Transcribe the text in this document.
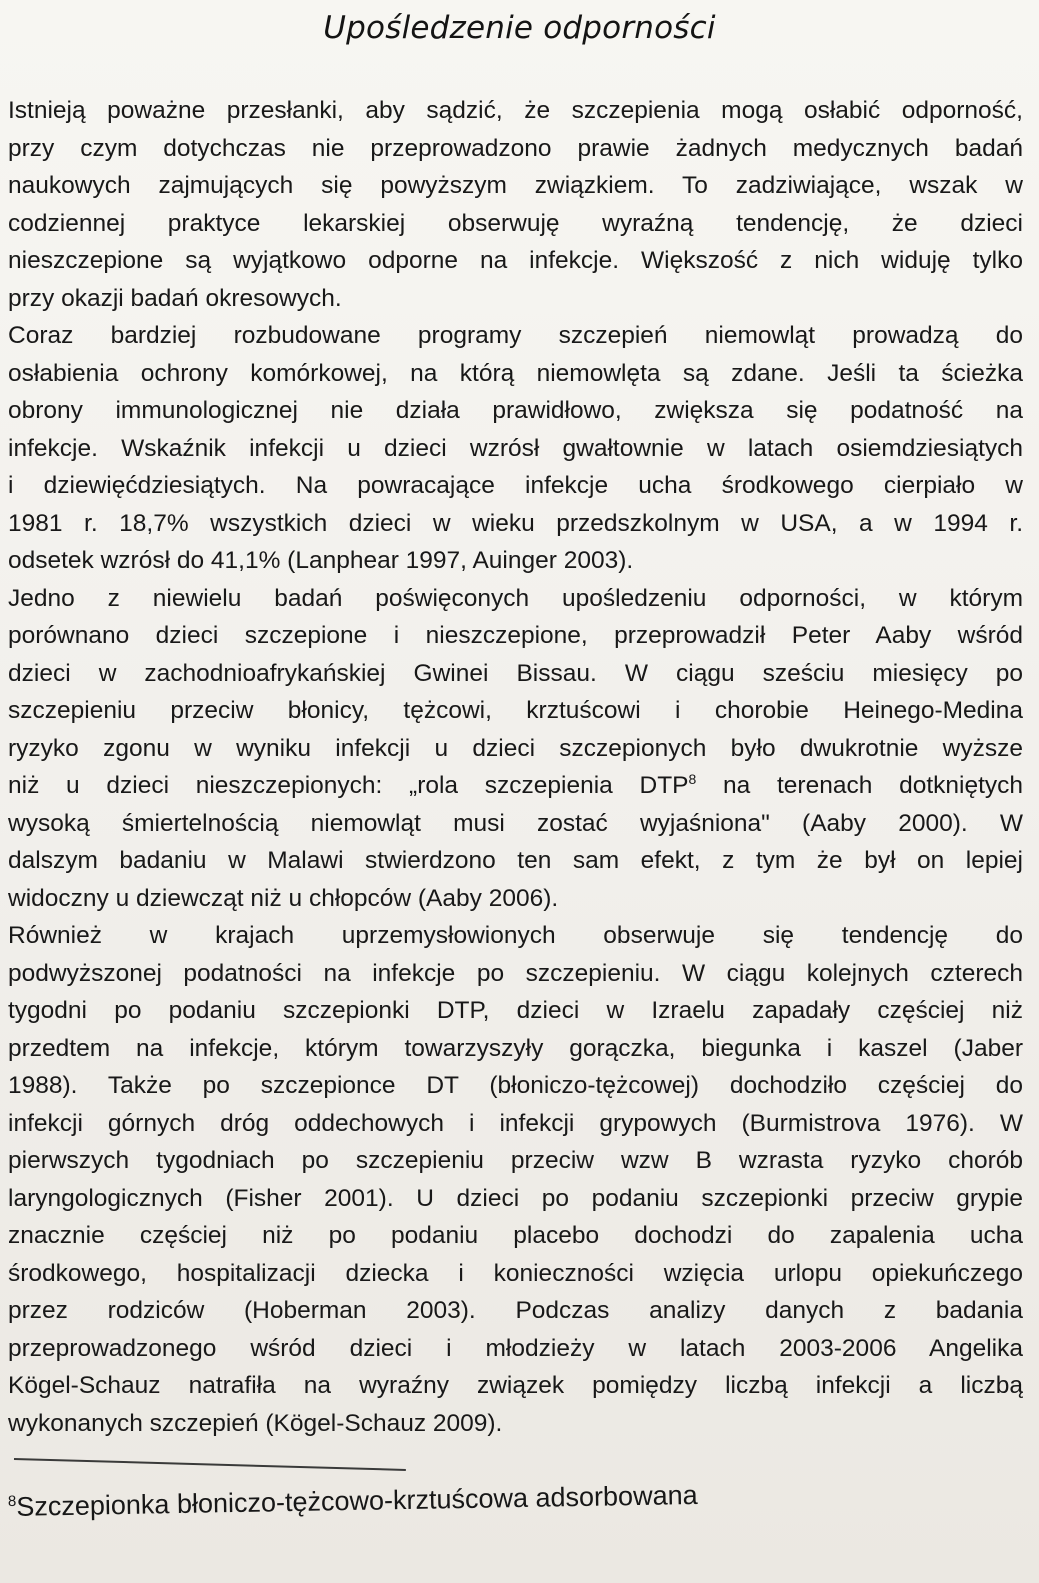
Upośledzenie odporności
Istnieją poważne przesłanki, aby sądzić, że szczepienia mogą osłabić odporność,
przy czym dotychczas nie przeprowadzono prawie żadnych medycznych badań
naukowych zajmujących się powyższym związkiem. To zadziwiające, wszak w
codziennej praktyce lekarskiej obserwuję wyraźną tendencję, że dzieci
nieszczepione są wyjątkowo odporne na infekcje. Większość z nich widuję tylko
przy okazji badań okresowych.
Coraz bardziej rozbudowane programy szczepień niemowląt prowadzą do
osłabienia ochrony komórkowej, na którą niemowlęta są zdane. Jeśli ta ścieżka
obrony immunologicznej nie działa prawidłowo, zwiększa się podatność na
infekcje. Wskaźnik infekcji u dzieci wzrósł gwałtownie w latach osiemdziesiątych
i dziewięćdziesiątych. Na powracające infekcje ucha środkowego cierpiało w
1981 r. 18,7% wszystkich dzieci w wieku przedszkolnym w USA, a w 1994 r.
odsetek wzrósł do 41,1% (Lanphear 1997, Auinger 2003).
Jedno z niewielu badań poświęconych upośledzeniu odporności, w którym
porównano dzieci szczepione i nieszczepione, przeprowadził Peter Aaby wśród
dzieci w zachodnioafrykańskiej Gwinei Bissau. W ciągu sześciu miesięcy po
szczepieniu przeciw błonicy, tężcowi, krztuścowi i chorobie Heinego-Medina
ryzyko zgonu w wyniku infekcji u dzieci szczepionych było dwukrotnie wyższe
niż u dzieci nieszczepionych: „rola szczepienia DTP$^8$ na terenach dotkniętych
wysoką śmiertelnością niemowląt musi zostać wyjaśniona" (Aaby 2000). W
dalszym badaniu w Malawi stwierdzono ten sam efekt, z tym że był on lepiej
widoczny u dziewcząt niż u chłopców (Aaby 2006).
Również w krajach uprzemysłowionych obserwuje się tendencję do
podwyższonej podatności na infekcje po szczepieniu. W ciągu kolejnych czterech
tygodni po podaniu szczepionki DTP, dzieci w Izraelu zapadały częściej niż
przedtem na infekcje, którym towarzyszyły gorączka, biegunka i kaszel (Jaber
1988). Także po szczepionce DT (błoniczo-tężcowej) dochodziło częściej do
infekcji górnych dróg oddechowych i infekcji grypowych (Burmistrova 1976). W
pierwszych tygodniach po szczepieniu przeciw wzw B wzrasta ryzyko chorób
laryngologicznych (Fisher 2001). U dzieci po podaniu szczepionki przeciw grypie
znacznie częściej niż po podaniu placebo dochodzi do zapalenia ucha
środkowego, hospitalizacji dziecka i konieczności wzięcia urlopu opiekuńczego
przez rodziców (Hoberman 2003). Podczas analizy danych z badania
przeprowadzonego wśród dzieci i młodzieży w latach 2003-2006 Angelika
Kögel-Schauz natrafiła na wyraźny związek pomiędzy liczbą infekcji a liczbą
wykonanych szczepień (Kögel-Schauz 2009).
$^8$Szczepionka błoniczo-tężcowo-krztuścowa adsorbowana
